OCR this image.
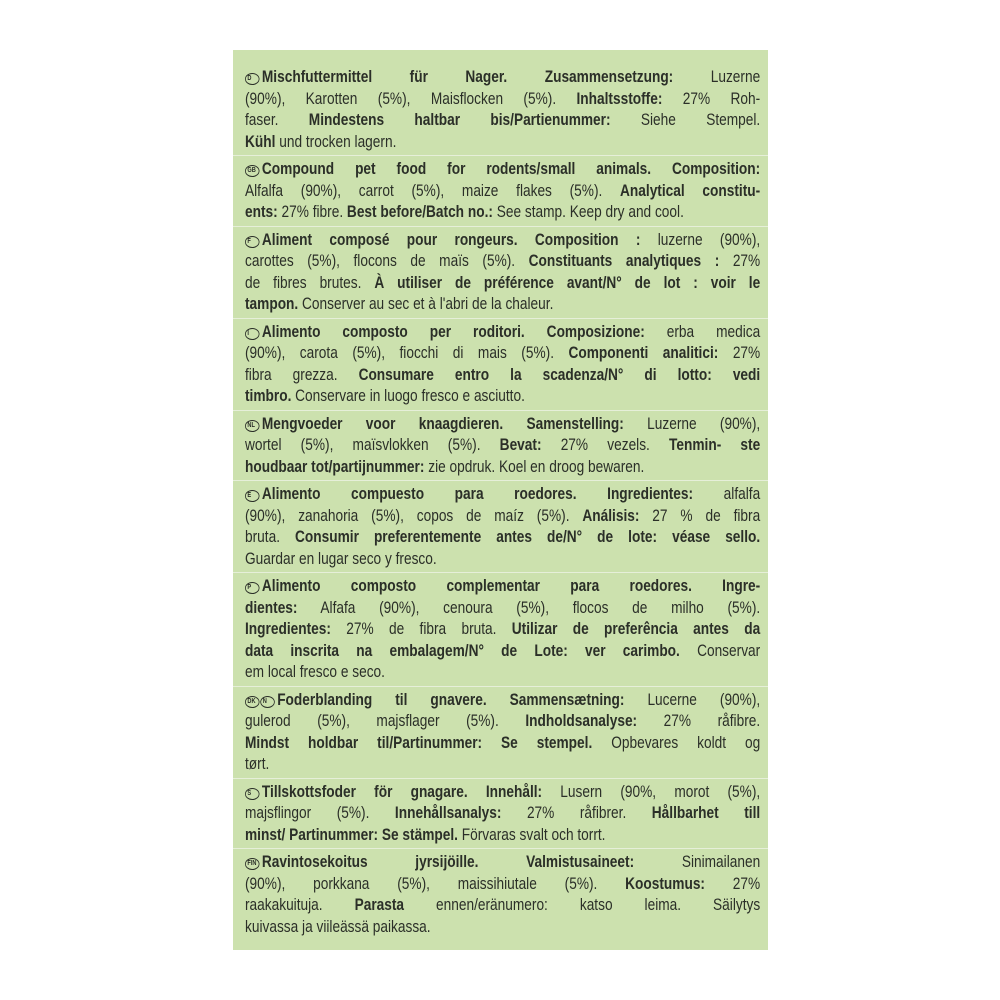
D Mischfuttermittel für Nager. Zusammensetzung: Luzerne
(90%), Karotten (5%), Maisflocken (5%). Inhaltsstoffe: 27% Roh-
faser. Mindestens haltbar bis/Partienummer: Siehe Stempel.
Kühl und trocken lagern.
GB Compound pet food for rodents/small animals. Composition:
Alfalfa (90%), carrot (5%), maize flakes (5%). Analytical constitu-
ents: 27% fibre. Best before/Batch no.: See stamp. Keep dry and cool.
F Aliment composé pour rongeurs. Composition : luzerne (90%),
carottes (5%), flocons de maïs (5%). Constituants analytiques : 27%
de fibres brutes. À utiliser de préférence avant/N° de lot : voir le
tampon. Conserver au sec et à l'abri de la chaleur.
I Alimento composto per roditori. Composizione: erba medica
(90%), carota (5%), fiocchi di mais (5%). Componenti analitici: 27%
fibra grezza. Consumare entro la scadenza/N° di lotto: vedi
timbro. Conservare in luogo fresco e asciutto.
NL Mengvoeder voor knaagdieren. Samenstelling: Luzerne (90%),
wortel (5%), maïsvlokken (5%). Bevat: 27% vezels. Tenmin- ste
houdbaar tot/partijnummer: zie opdruk. Koel en droog bewaren.
E Alimento compuesto para roedores. Ingredientes: alfalfa
(90%), zanahoria (5%), copos de maíz (5%). Análisis: 27 % de fibra
bruta. Consumir preferentemente antes de/N° de lote: véase sello.
Guardar en lugar seco y fresco.
P Alimento composto complementar para roedores. Ingre-
dientes: Alfafa (90%), cenoura (5%), flocos de milho (5%).
Ingredientes: 27% de fibra bruta. Utilizar de preferência antes da
data inscrita na embalagem/N° de Lote: ver carimbo. Conservar
em local fresco e seco.
DK N Foderblanding til gnavere. Sammensætning: Lucerne (90%),
gulerod (5%), majsflager (5%). Indholdsanalyse: 27% råfibre.
Mindst holdbar til/Partinummer: Se stempel. Opbevares koldt og
tørt.
S Tillskottsfoder för gnagare. Innehåll: Lusern (90%, morot (5%),
majsflingor (5%). Innehållsanalys: 27% råfibrer. Hållbarhet till
minst/ Partinummer: Se stämpel. Förvaras svalt och torrt.
FIN Ravintosekoitus jyrsijöille. Valmistusaineet: Sinimailanen
(90%), porkkana (5%), maissihiutale (5%). Koostumus: 27%
raakakuituja. Parasta ennen/eränumero: katso leima. Säilytys
kuivassa ja viileässä paikassa.
